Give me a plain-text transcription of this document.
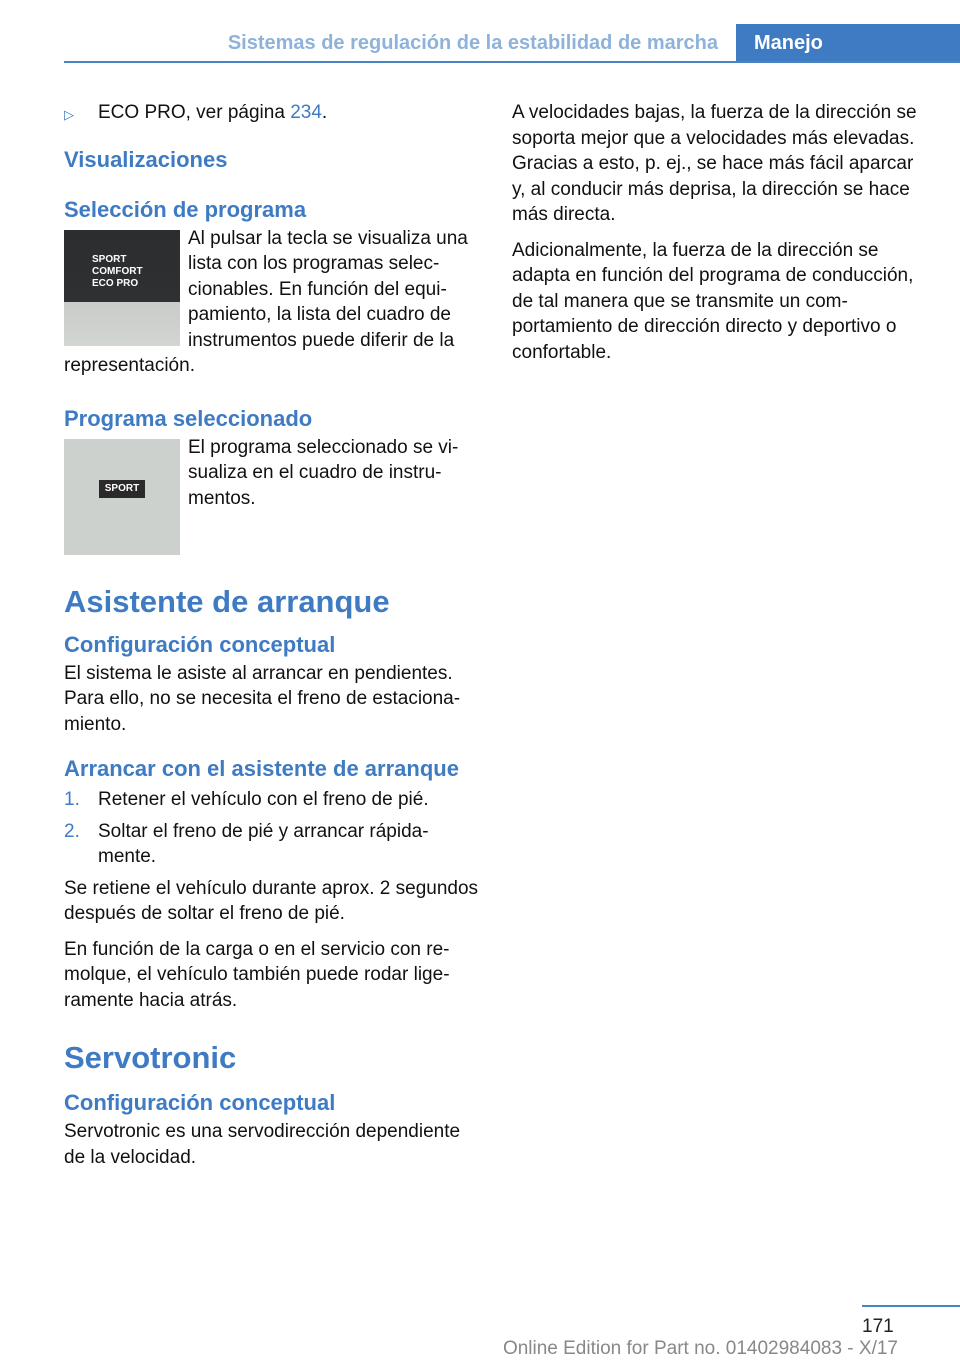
Sistemas de regulación de la estabilidad de marcha	Manejo
▷	ECO PRO, ver página 234.
Visualizaciones
Selección de programa
SPORT
COMFORT
ECO PRO
Al pulsar la tecla se visualiza una lista con los programas seleccionables. En función del equipamiento, la lista del cuadro de instrumentos puede diferir de la representación.
Programa seleccionado
SPORT
El programa seleccionado se visualiza en el cuadro de instrumentos.
Asistente de arranque
Configuración conceptual

El sistema le asiste al arrancar en pendientes. Para ello, no se necesita el freno de estacionamiento.

Arrancar con el asistente de arranque
1. Retener el vehículo con el freno de pié.
2. Soltar el freno de pié y arrancar rápidamente.

Se retiene el vehículo durante aprox. 2 segundos después de soltar el freno de pié.

En función de la carga o en el servicio con remolque, el vehículo también puede rodar ligeramente hacia atrás.

Servotronic
Configuración conceptual

Servotronic es una servodirección dependiente de la velocidad.

A velocidades bajas, la fuerza de la dirección se soporta mejor que a velocidades más elevadas. Gracias a esto, p. ej., se hace más fácil aparcar y, al conducir más deprisa, la dirección se hace más directa.

Adicionalmente, la fuerza de la dirección se adapta en función del programa de conducción, de tal manera que se transmite un comportamiento de dirección directo y deportivo o confortable.

171
Online Edition for Part no. 01402984083 - X/17
